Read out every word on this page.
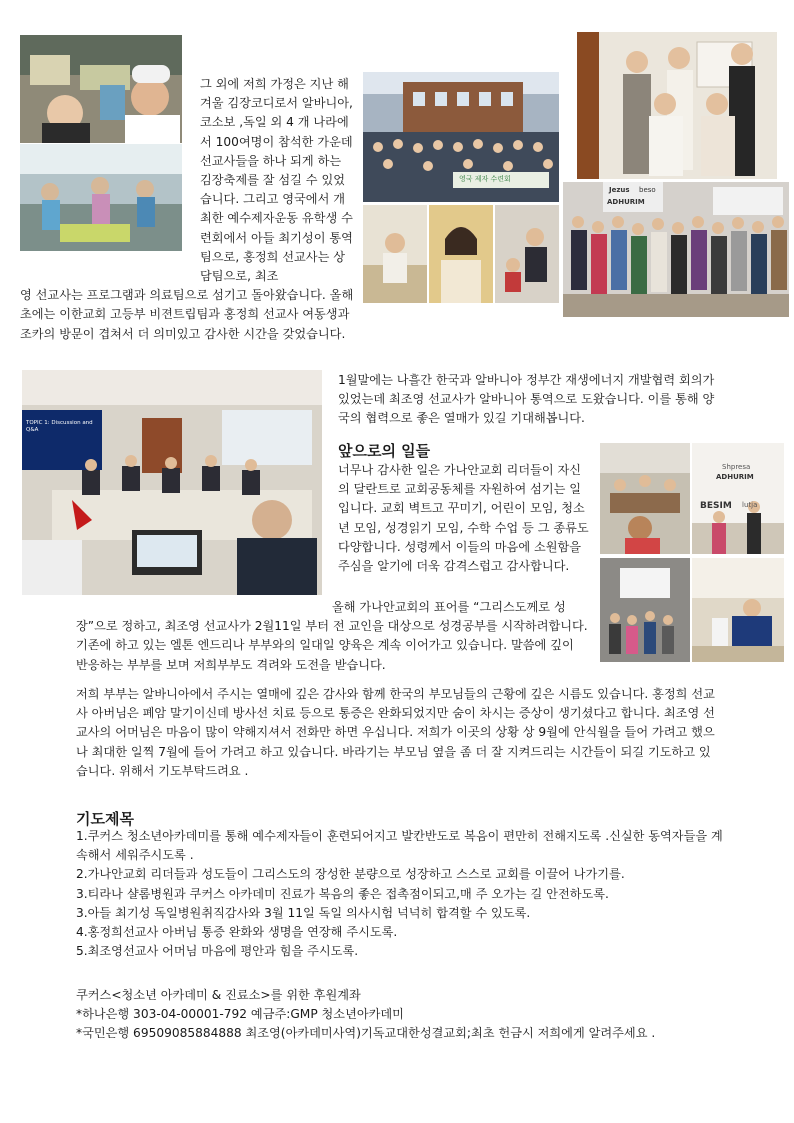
영국 제자 수련회
Jezus beso
ADHURIM
그 외에 저희 가정은 지난 해 겨울 김장코디로서 알바니아, 코소보 ,독일 외 4 개 나라에서 100여명이 참석한 가운데 선교사들을 하나 되게 하는 김장축제를 잘 섬길 수 있었습니다. 그리고 영국에서 개최한 예수제자운동 유학생 수련회에서 아들 최기성이 통역팀으로, 홍정희 선교사는 상담팀으로, 최조
영 선교사는 프로그램과 의료팀으로 섬기고 돌아왔습니다. 올해 초에는 이한교회 고등부 비젼트립팀과 홍정희 선교사 여동생과 조카의 방문이 겹쳐서 더 의미있고 감사한 시간을 갖었습니다.
TOPIC 1: Discussion and Q&A
1월말에는 나흘간 한국과 알바니아 정부간 재생에너지 개발협력 회의가 있었는데 최조영 선교사가 알바니아 통역으로 도왔습니다. 이를 통해 양국의 협력으로 좋은 열매가 있길 기대해봅니다.
앞으로의 일들
너무나 감사한 일은 가나안교회 리더들이 자신의 달란트로 교회공동체를 자원하여 섬기는 일입니다. 교회 벽트고 꾸미기, 어린이 모임, 청소년 모임, 성경읽기 모임, 수학 수업 등 그 종류도 다양합니다. 성령께서 이들의 마음에 소원함을 주심을 알기에 더욱 감격스럽고 감사합니다.
ADHURIM
BESIM lutja
Shpresa
올해 가나안교회의 표어를 “그리스도께로 성장”으로 정하고, 최조영 선교사가 2월11일 부터 전 교인을 대상으로 성경공부를 시작하려합니다. 기존에 하고 있는 엘톤 엔드리나 부부와의 일대일 양육은 계속 이어가고 있습니다. 말씀에 깊이 반응하는 부부를 보며 저희부부도 격려와 도전을 받습니다.
저희 부부는 알바니아에서 주시는 열매에 깊은 감사와 함께 한국의 부모님들의 근황에 깊은 시름도 있습니다. 홍정희 선교사 아버님은 폐암 말기이신데 방사선 치료 등으로 통증은 완화되었지만 숨이 차시는 증상이 생기셨다고 합니다. 최조영 선교사의 어머님은 마음이 많이 약해지셔서 전화만 하면 우십니다. 저희가 이곳의 상황 상 9월에 안식월을 들어 가려고 했으나 최대한 일찍 7월에 들어 가려고 하고 있습니다. 바라기는 부모님 옆을 좀 더 잘 지켜드리는 시간들이 되길 기도하고 있습니다. 위해서 기도부탁드려요 .
기도제목

1.쿠커스 청소년아카데미를 통해 예수제자들이 훈련되어지고 발칸반도로 복음이 편만히 전해지도록 .신실한 동역자들을 계속해서 세워주시도록 .

2.가나안교회 리더들과 성도들이 그리스도의 장성한 분량으로 성장하고 스스로 교회를 이끌어 나가기를.

3.티라나 샬롬병원과 쿠커스 아카데미 진료가 복음의 좋은 접촉점이되고,매 주 오가는 길 안전하도록.

3.아들 최기성 독일병원취직감사와 3월 11일 독일 의사시험 넉넉히 합격할 수 있도록.

4.홍정희선교사 아버님 통증 완화와 생명을 연장해 주시도록.

5.최조영선교사 어머님 마음에 평안과 힘을 주시도록.

쿠커스<청소년 아카데미 & 진료소>를 위한 후원계좌
*하나은행 303-04-00001-792 예금주:GMP 청소년아카데미
*국민은행 69509085884888 최조영(아카데미사역)기독교대한성결교회;최초 헌금시 저희에게 알려주세요 .
